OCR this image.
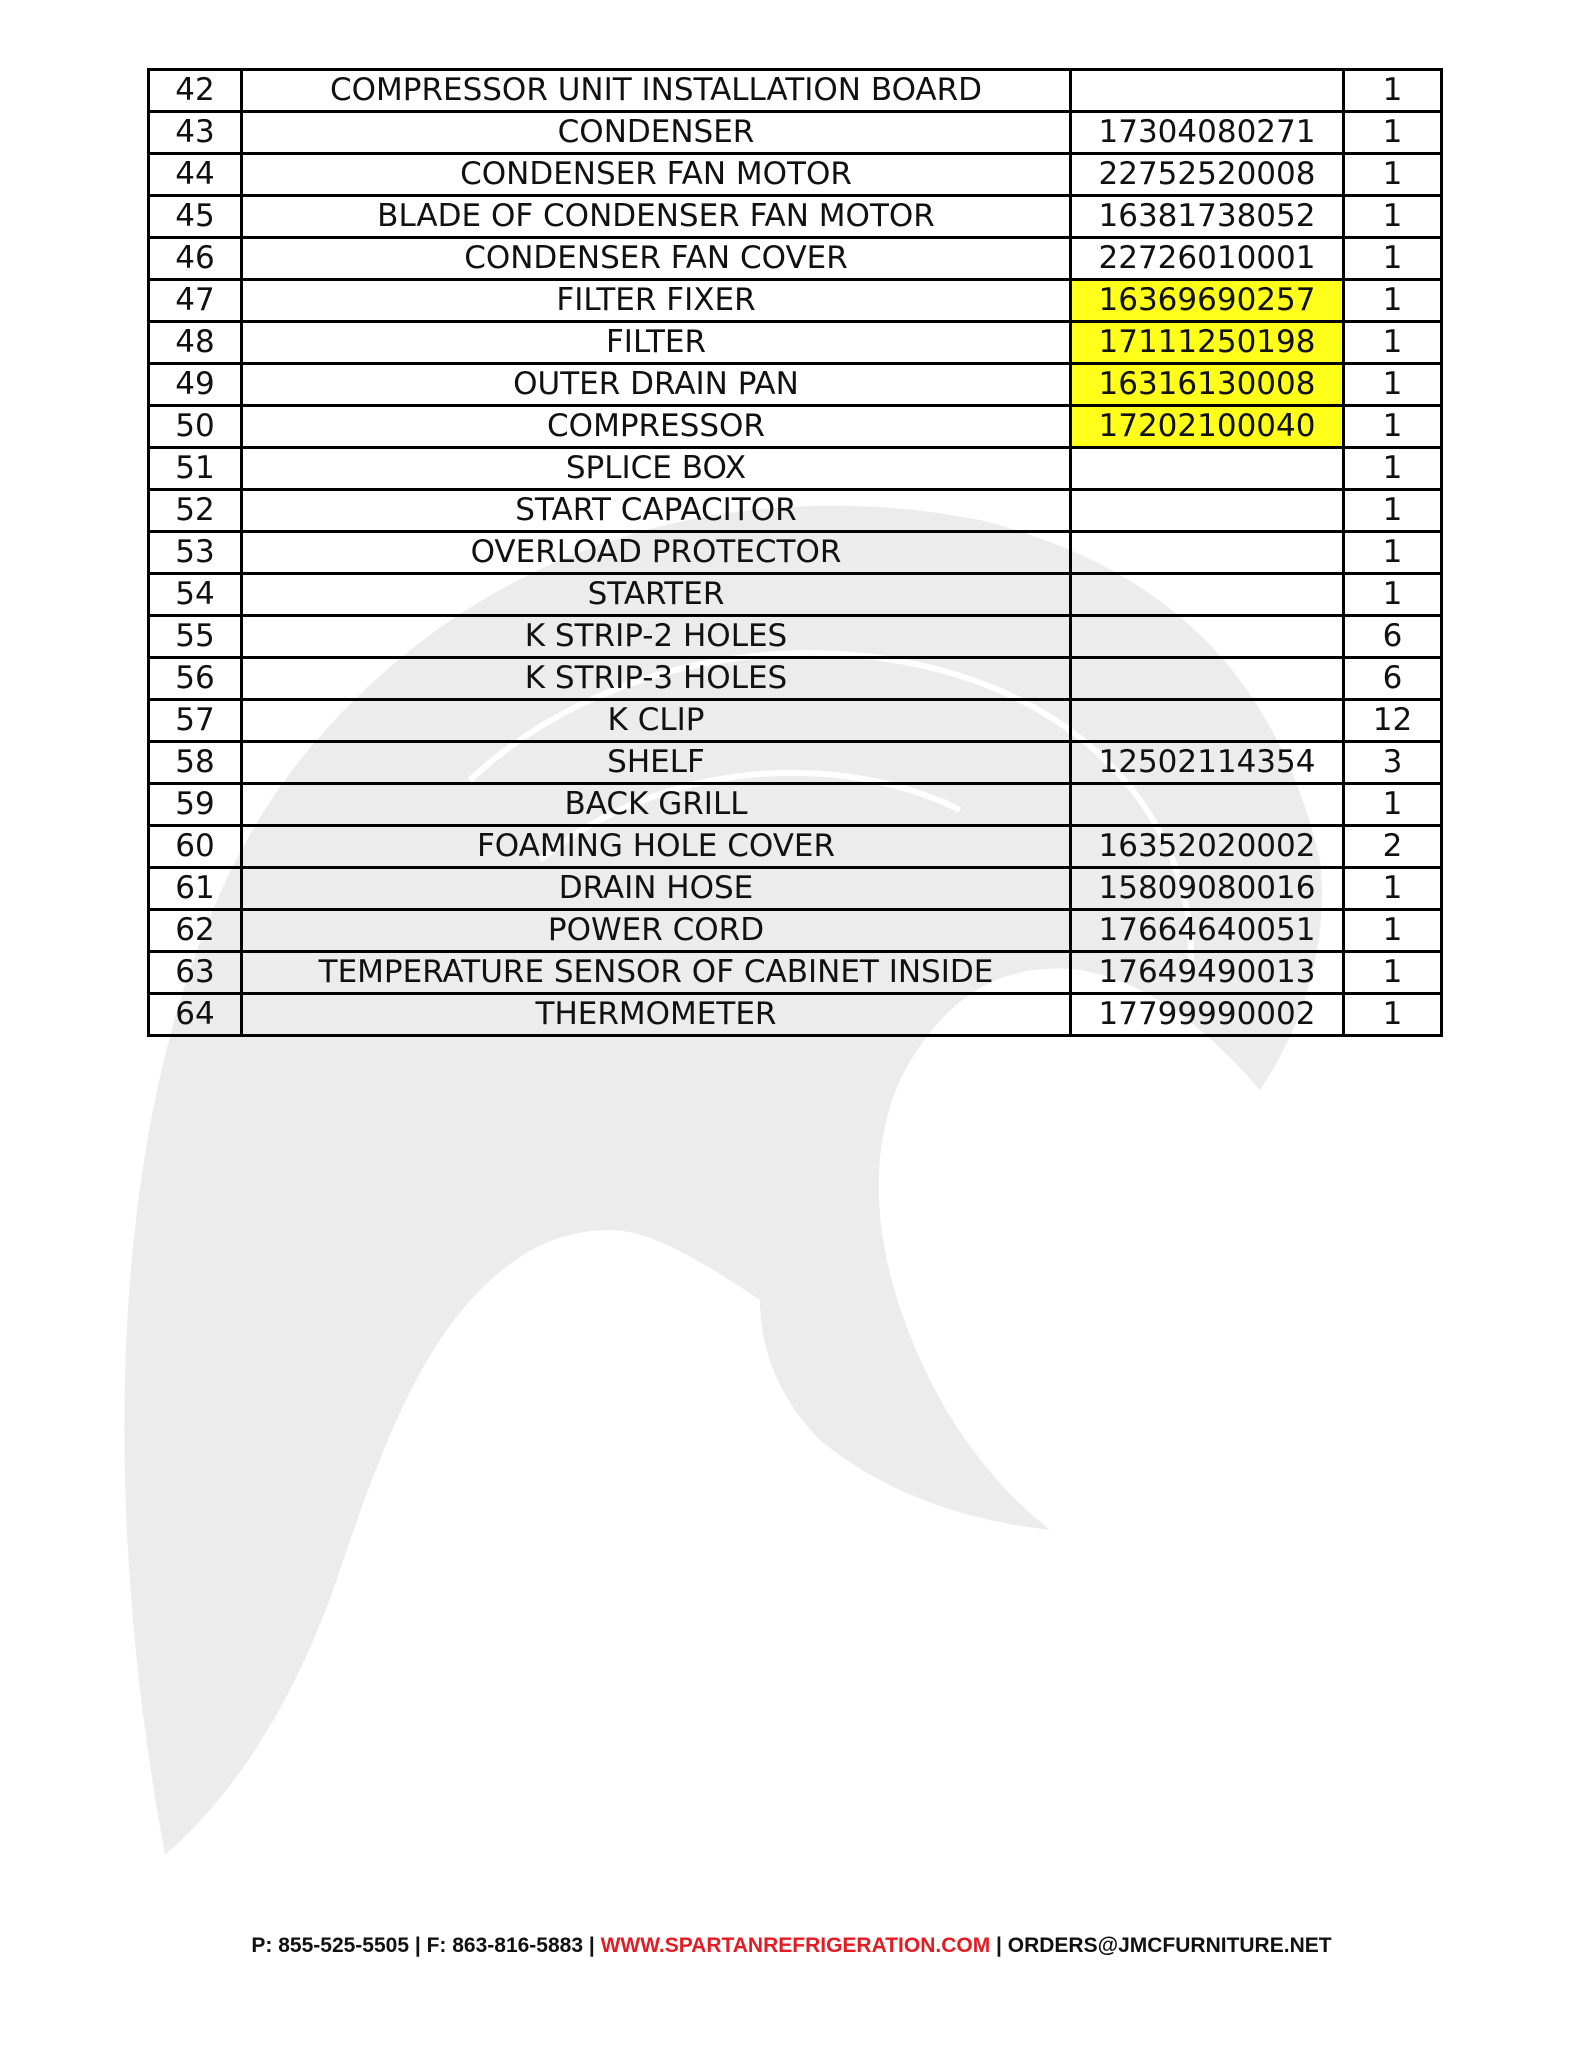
42	COMPRESSOR UNIT INSTALLATION BOARD		1
43	CONDENSER	17304080271	1
44	CONDENSER FAN MOTOR	22752520008	1
45	BLADE OF CONDENSER FAN MOTOR	16381738052	1
46	CONDENSER FAN COVER	22726010001	1
47	FILTER FIXER	16369690257	1
48	FILTER	17111250198	1
49	OUTER DRAIN PAN	16316130008	1
50	COMPRESSOR	17202100040	1
51	SPLICE BOX		1
52	START CAPACITOR		1
53	OVERLOAD PROTECTOR		1
54	STARTER		1
55	K STRIP-2 HOLES		6
56	K STRIP-3 HOLES		6
57	K CLIP		12
58	SHELF	12502114354	3
59	BACK GRILL		1
60	FOAMING HOLE COVER	16352020002	2
61	DRAIN HOSE	15809080016	1
62	POWER CORD	17664640051	1
63	TEMPERATURE SENSOR OF CABINET INSIDE	17649490013	1
64	THERMOMETER	17799990002	1
P: 855-525-5505 | F: 863-816-5883 | WWW.SPARTANREFRIGERATION.COM | ORDERS@JMCFURNITURE.NET
